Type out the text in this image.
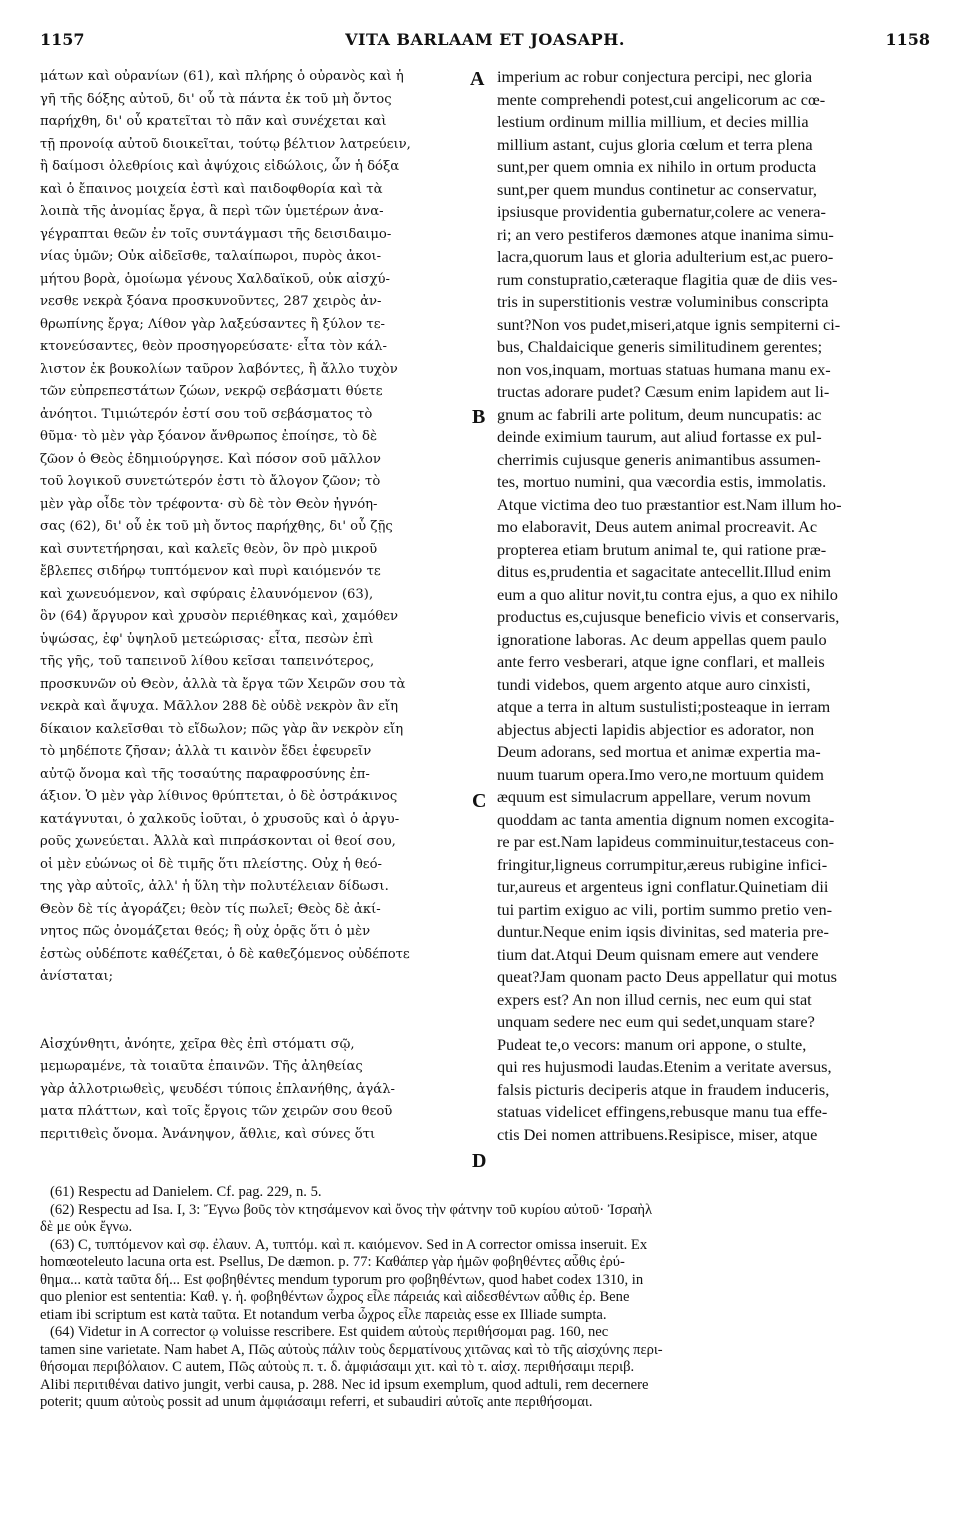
1157	VITA BARLAAM ET JOASAPH.	1158
μάτων καὶ οὐρανίων (61), καὶ πλήρης ὁ οὐρανὸς καὶ ἡ
γῆ τῆς δόξης αὐτοῦ, δι' οὗ τὰ πάντα ἐκ τοῦ μὴ ὄντος
παρήχθη, δι' οὗ κρατεῖται τὸ πᾶν καὶ συνέχεται καὶ
τῇ προνοίᾳ αὐτοῦ διοικεῖται, τούτῳ βέλτιον λατρεύειν,
ἢ δαίμοσι ὀλεθρίοις καὶ ἀψύχοις εἰδώλοις, ὧν ἡ δόξα
καὶ ὁ ἔπαινος μοιχεία ἐστὶ καὶ παιδοφθορία καὶ τὰ
λοιπὰ τῆς ἀνομίας ἔργα, ἃ περὶ τῶν ὑμετέρων ἀνα-
γέγραπται θεῶν ἐν τοῖς συντάγμασι τῆς δεισιδαιμο-
νίας ὑμῶν; Οὐκ αἰδεῖσθε, ταλαίπωροι, πυρὸς ἀκοι-
μήτου βορὰ, ὁμοίωμα γένους Χαλδαϊκοῦ, οὐκ αἰσχύ-
νεσθε νεκρὰ ξόανα προσκυνοῦντες, 287 χειρὸς ἀν-
θρωπίνης ἔργα; Λίθον γὰρ λαξεύσαντες ἢ ξύλον τε-
κτονεύσαντες, θεὸν προσηγορεύσατε· εἶτα τὸν κάλ-
λιστον ἐκ βουκολίων ταῦρον λαβόντες, ἢ ἄλλο τυχὸν
τῶν εὐπρεπεστάτων ζώων, νεκρῷ σεβάσματι θύετε
ἀνόητοι. Τιμιώτερόν ἐστί σου τοῦ σεβάσματος τὸ
θῦμα· τὸ μὲν γὰρ ξόανον ἄνθρωπος ἐποίησε, τὸ δὲ
ζῶον ὁ Θεὸς ἐδημιούργησε. Καὶ πόσον σοῦ μᾶλλον
τοῦ λογικοῦ συνετώτερόν ἐστι τὸ ἄλογον ζῶον; τὸ
μὲν γὰρ οἶδε τὸν τρέφοντα· σὺ δὲ τὸν Θεὸν ἠγνόη-
σας (62), δι' οὗ ἐκ τοῦ μὴ ὄντος παρήχθης, δι' οὗ ζῇς
καὶ συντετήρησαι, καὶ καλεῖς θεὸν, ὃν πρὸ μικροῦ
ἔβλεπες σιδήρῳ τυπτόμενον καὶ πυρὶ καιόμενόν τε
καὶ χωνευόμενον, καὶ σφύραις ἐλαυνόμενον (63),
ὃν (64) ἄργυρον καὶ χρυσὸν περιέθηκας καὶ, χαμόθεν
ὑψώσας, ἐφ' ὑψηλοῦ μετεώρισας· εἶτα, πεσὼν ἐπὶ
τῆς γῆς, τοῦ ταπεινοῦ λίθου κεῖσαι ταπεινότερος,
προσκυνῶν οὐ Θεὸν, ἀλλὰ τὰ ἔργα τῶν Χειρῶν σου τὰ
νεκρὰ καὶ ἄψυχα. Μᾶλλον 288 δὲ οὐδὲ νεκρὸν ἂν εἴη
δίκαιον καλεῖσθαι τὸ εἴδωλον; πῶς γὰρ ἂν νεκρὸν εἴη
τὸ μηδέποτε ζῆσαν; ἀλλὰ τι καινὸν ἔδει ἐφευρεῖν
αὐτῷ ὄνομα καὶ τῆς τοσαύτης παραφροσύνης ἐπ-
άξιον. Ὁ μὲν γὰρ λίθινος θρύπτεται, ὁ δὲ ὀστράκινος
κατάγνυται, ὁ χαλκοῦς ἰοῦται, ὁ χρυσοῦς καὶ ὁ ἀργυ-
ροῦς χωνεύεται. Ἀλλὰ καὶ πιπράσκονται οἱ θεοί σου,
οἱ μὲν εὐώνως οἱ δὲ τιμῆς ὅτι πλείστης. Οὐχ ἡ θεό-
της γὰρ αὐτοῖς, ἀλλ' ἡ ὕλη τὴν πολυτέλειαν δίδωσι.
Θεὸν δὲ τίς ἀγοράζει; θεὸν τίς πωλεῖ; Θεὸς δὲ ἀκί-
νητος πῶς ὀνομάζεται θεός; ἢ οὐχ ὁρᾷς ὅτι ὁ μὲν
ἑστὼς οὐδέποτε καθέζεται, ὁ δὲ καθεζόμενος οὐδέποτε
ἀνίσταται;
Αἰσχύνθητι, ἀνόητε, χεῖρα θὲς ἐπὶ στόματι σῷ,
μεμωραμένε, τὰ τοιαῦτα ἐπαινῶν. Τῆς ἀληθείας
γὰρ ἀλλοτριωθεὶς, ψευδέσι τύποις ἐπλανήθης, ἀγάλ-
ματα πλάττων, καὶ τοῖς ἔργοις τῶν χειρῶν σου θεοῦ
περιτιθεὶς ὄνομα. Ἀνάνηψον, ἄθλιε, καὶ σύνες ὅτι
imperium ac robur conjectura percipi, nec gloria
mente comprehendi potest,cui angelicorum ac cœ-
lestium ordinum millia millium, et decies millia
millium astant, cujus gloria cœlum et terra plena
sunt,per quem omnia ex nihilo in ortum producta
sunt,per quem mundus continetur ac conservatur,
ipsiusque providentia gubernatur,colere ac venera-
ri; an vero pestiferos dæmones atque inanima simu-
lacra,quorum laus et gloria adulterium est,ac puero-
rum constupratio,cæteraque flagitia quæ de diis ves-
tris in superstitionis vestræ voluminibus conscripta
sunt?Non vos pudet,miseri,atque ignis sempiterni ci-
bus, Chaldaicique generis similitudinem gerentes;
non vos,inquam, mortuas statuas humana manu ex-
tructas adorare pudet? Cæsum enim lapidem aut li-
gnum ac fabrili arte politum, deum nuncupatis: ac
deinde eximium taurum, aut aliud fortasse ex pul-
cherrimis cujusque generis animantibus assumen-
tes, mortuo numini, qua væcordia estis, immolatis.
Atque victima deo tuo præstantior est.Nam illum ho-
mo elaboravit, Deus autem animal procreavit. Ac
propterea etiam brutum animal te, qui ratione præ-
ditus es,prudentia et sagacitate antecellit.Illud enim
eum a quo alitur novit,tu contra ejus, a quo ex nihilo
productus es,cujusque beneficio vivis et conservaris,
ignoratione laboras. Ac deum appellas quem paulo
ante ferro vesberari, atque igne conflari, et malleis
tundi videbos, quem argento atque auro cinxisti,
atque a terra in altum sustulisti;posteaque in ierram
abjectus abjecti lapidis abjectior es adorator, non
Deum adorans, sed mortua et animæ expertia ma-
nuum tuarum opera.Imo vero,ne mortuum quidem
æquum est simulacrum appellare, verum novum
quoddam ac tanta amentia dignum nomen excogita-
re par est.Nam lapideus comminuitur,testaceus con-
fringitur,ligneus corrumpitur,æreus rubigine infici-
tur,aureus et argenteus igni conflatur.Quinetiam dii
tui partim exiguo ac vili, portim summo pretio ven-
duntur.Neque enim iqsis divinitas, sed materia pre-
tium dat.Atqui Deum quisnam emere aut vendere
queat?Jam quonam pacto Deus appellatur qui motus
expers est? An non illud cernis, nec eum qui stat
unquam sedere nec eum qui sedet,unquam stare?
Pudeat te,o vecors: manum ori appone, o stulte,
qui res hujusmodi laudas.Etenim a veritate aversus,
falsis picturis deciperis atque in fraudem induceris,
statuas videlicet effingens,rebusque manu tua effe-
ctis Dei nomen attribuens.Resipisce, miser, atque
A
B
C
D
(61) Respectu ad Danielem. Cf. pag. 229, n. 5.
(62) Respectu ad Isa. I, 3: Ἔγνω βοῦς τὸν κτησάμενον καὶ ὄνος τὴν φάτνην τοῦ κυρίου αὐτοῦ· Ἰσραὴλ
δὲ με οὐκ ἔγνω.
(63) C, τυπτόμενον καὶ σφ. ἐλαυν. A, τυπτόμ. καὶ π. καιόμενον. Sed in A corrector omissa inseruit. Ex
homœoteleuto lacuna orta est. Psellus, De dæmon. p. 77: Καθάπερ γὰρ ἡμῶν φοβηθέντες αὖθις ἐρύ-
θημα... κατὰ ταῦτα δή... Est φοβηθέντες mendum typorum pro φοβηθέντων, quod habet codex 1310, in
quo plenior est sententia: Καθ. γ. ἡ. φοβηθέντων ὦχρος εἶλε πάρειάς καὶ αἰδεσθέντων αὖθις ἐρ. Bene
etiam ibi scriptum est κατὰ ταῦτα. Et notandum verba ὦχρος εἶλε παρειὰς esse ex Illiade sumpta.
(64) Videtur in A corrector ῳ voluisse rescribere. Est quidem αὐτοὺς περιθήσομαι pag. 160, nec
tamen sine varietate. Nam habet A, Πῶς αὐτοὺς πάλιν τοὺς δερματίνους χιτῶνας καὶ τὸ τῆς αἰσχύνης περι-
θήσομαι περιβόλαιον. C autem, Πῶς αὐτοὺς π. τ. δ. ἀμφιάσαιμι χιτ. καὶ τὸ τ. αἰσχ. περιθήσαιμι περιβ.
Alibi περιτιθέναι dativo jungit, verbi causa, p. 288. Nec id ipsum exemplum, quod adtuli, rem decernere
poterit; quum αὐτοὺς possit ad unum ἀμφιάσαιμι referri, et subaudiri αὐτοῖς ante περιθήσομαι.
